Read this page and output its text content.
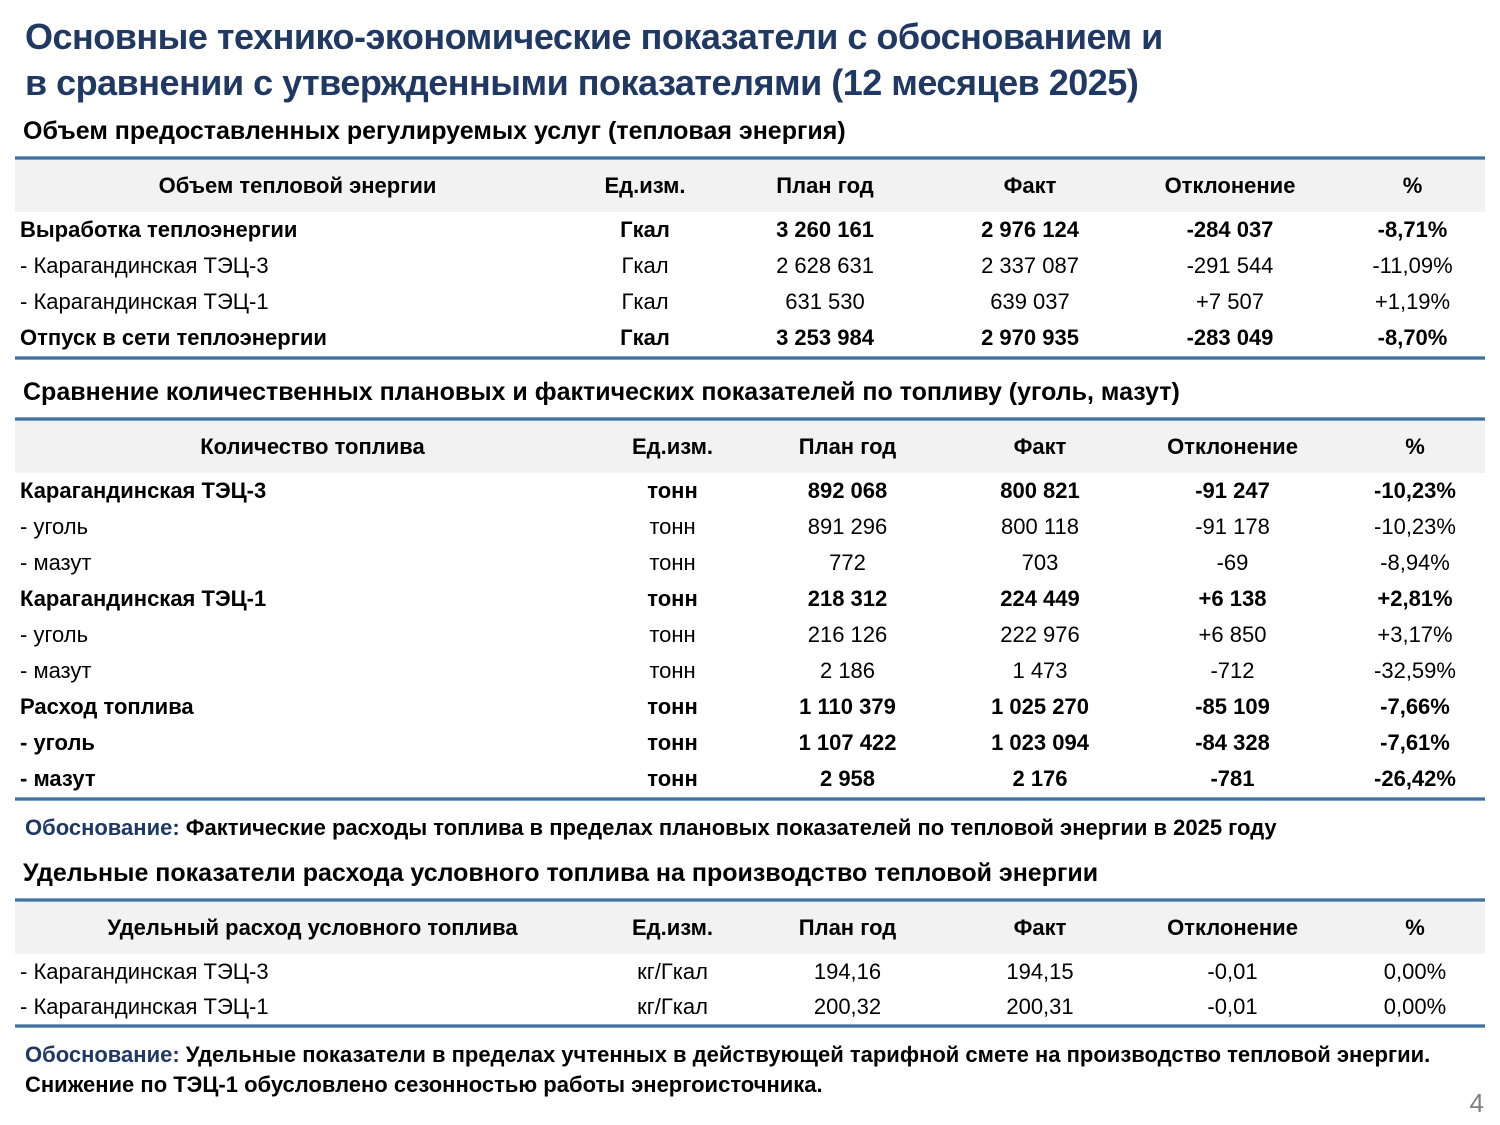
Основные технико-экономические показатели с обоснованием и
в сравнении с утвержденными показателями (12 месяцев 2025)
Объем предоставленных регулируемых услуг (тепловая энергия)
Объем тепловой энергии	Ед.изм.	План год	Факт	Отклонение	%
Выработка теплоэнергии	Гкал	3 260 161	2 976 124	-284 037	-8,71%
- Карагандинская ТЭЦ-3	Гкал	2 628 631	2 337 087	-291 544	-11,09%
- Карагандинская ТЭЦ-1	Гкал	631 530	639 037	+7 507	+1,19%
Отпуск в сети теплоэнергии	Гкал	3 253 984	2 970 935	-283 049	-8,70%
Сравнение количественных плановых и фактических показателей по топливу (уголь, мазут)
Количество топлива	Ед.изм.	План год	Факт	Отклонение	%
Карагандинская ТЭЦ-3	тонн	892 068	800 821	-91 247	-10,23%
- уголь	тонн	891 296	800 118	-91 178	-10,23%
- мазут	тонн	772	703	-69	-8,94%
Карагандинская ТЭЦ-1	тонн	218 312	224 449	+6 138	+2,81%
- уголь	тонн	216 126	222 976	+6 850	+3,17%
- мазут	тонн	2 186	1 473	-712	-32,59%
Расход топлива	тонн	1 110 379	1 025 270	-85 109	-7,66%
- уголь	тонн	1 107 422	1 023 094	-84 328	-7,61%
- мазут	тонн	2 958	2 176	-781	-26,42%
Обоснование: Фактические расходы топлива в пределах плановых показателей по тепловой энергии в 2025 году
Удельные показатели расхода условного топлива на производство тепловой энергии
Удельный расход условного топлива	Ед.изм.	План год	Факт	Отклонение	%
- Карагандинская ТЭЦ-3	кг/Гкал	194,16	194,15	-0,01	0,00%
- Карагандинская ТЭЦ-1	кг/Гкал	200,32	200,31	-0,01	0,00%
Обоснование: Удельные показатели в пределах учтенных в действующей тарифной смете на производство тепловой энергии. Снижение по ТЭЦ-1 обусловлено сезонностью работы энергоисточника.
4
